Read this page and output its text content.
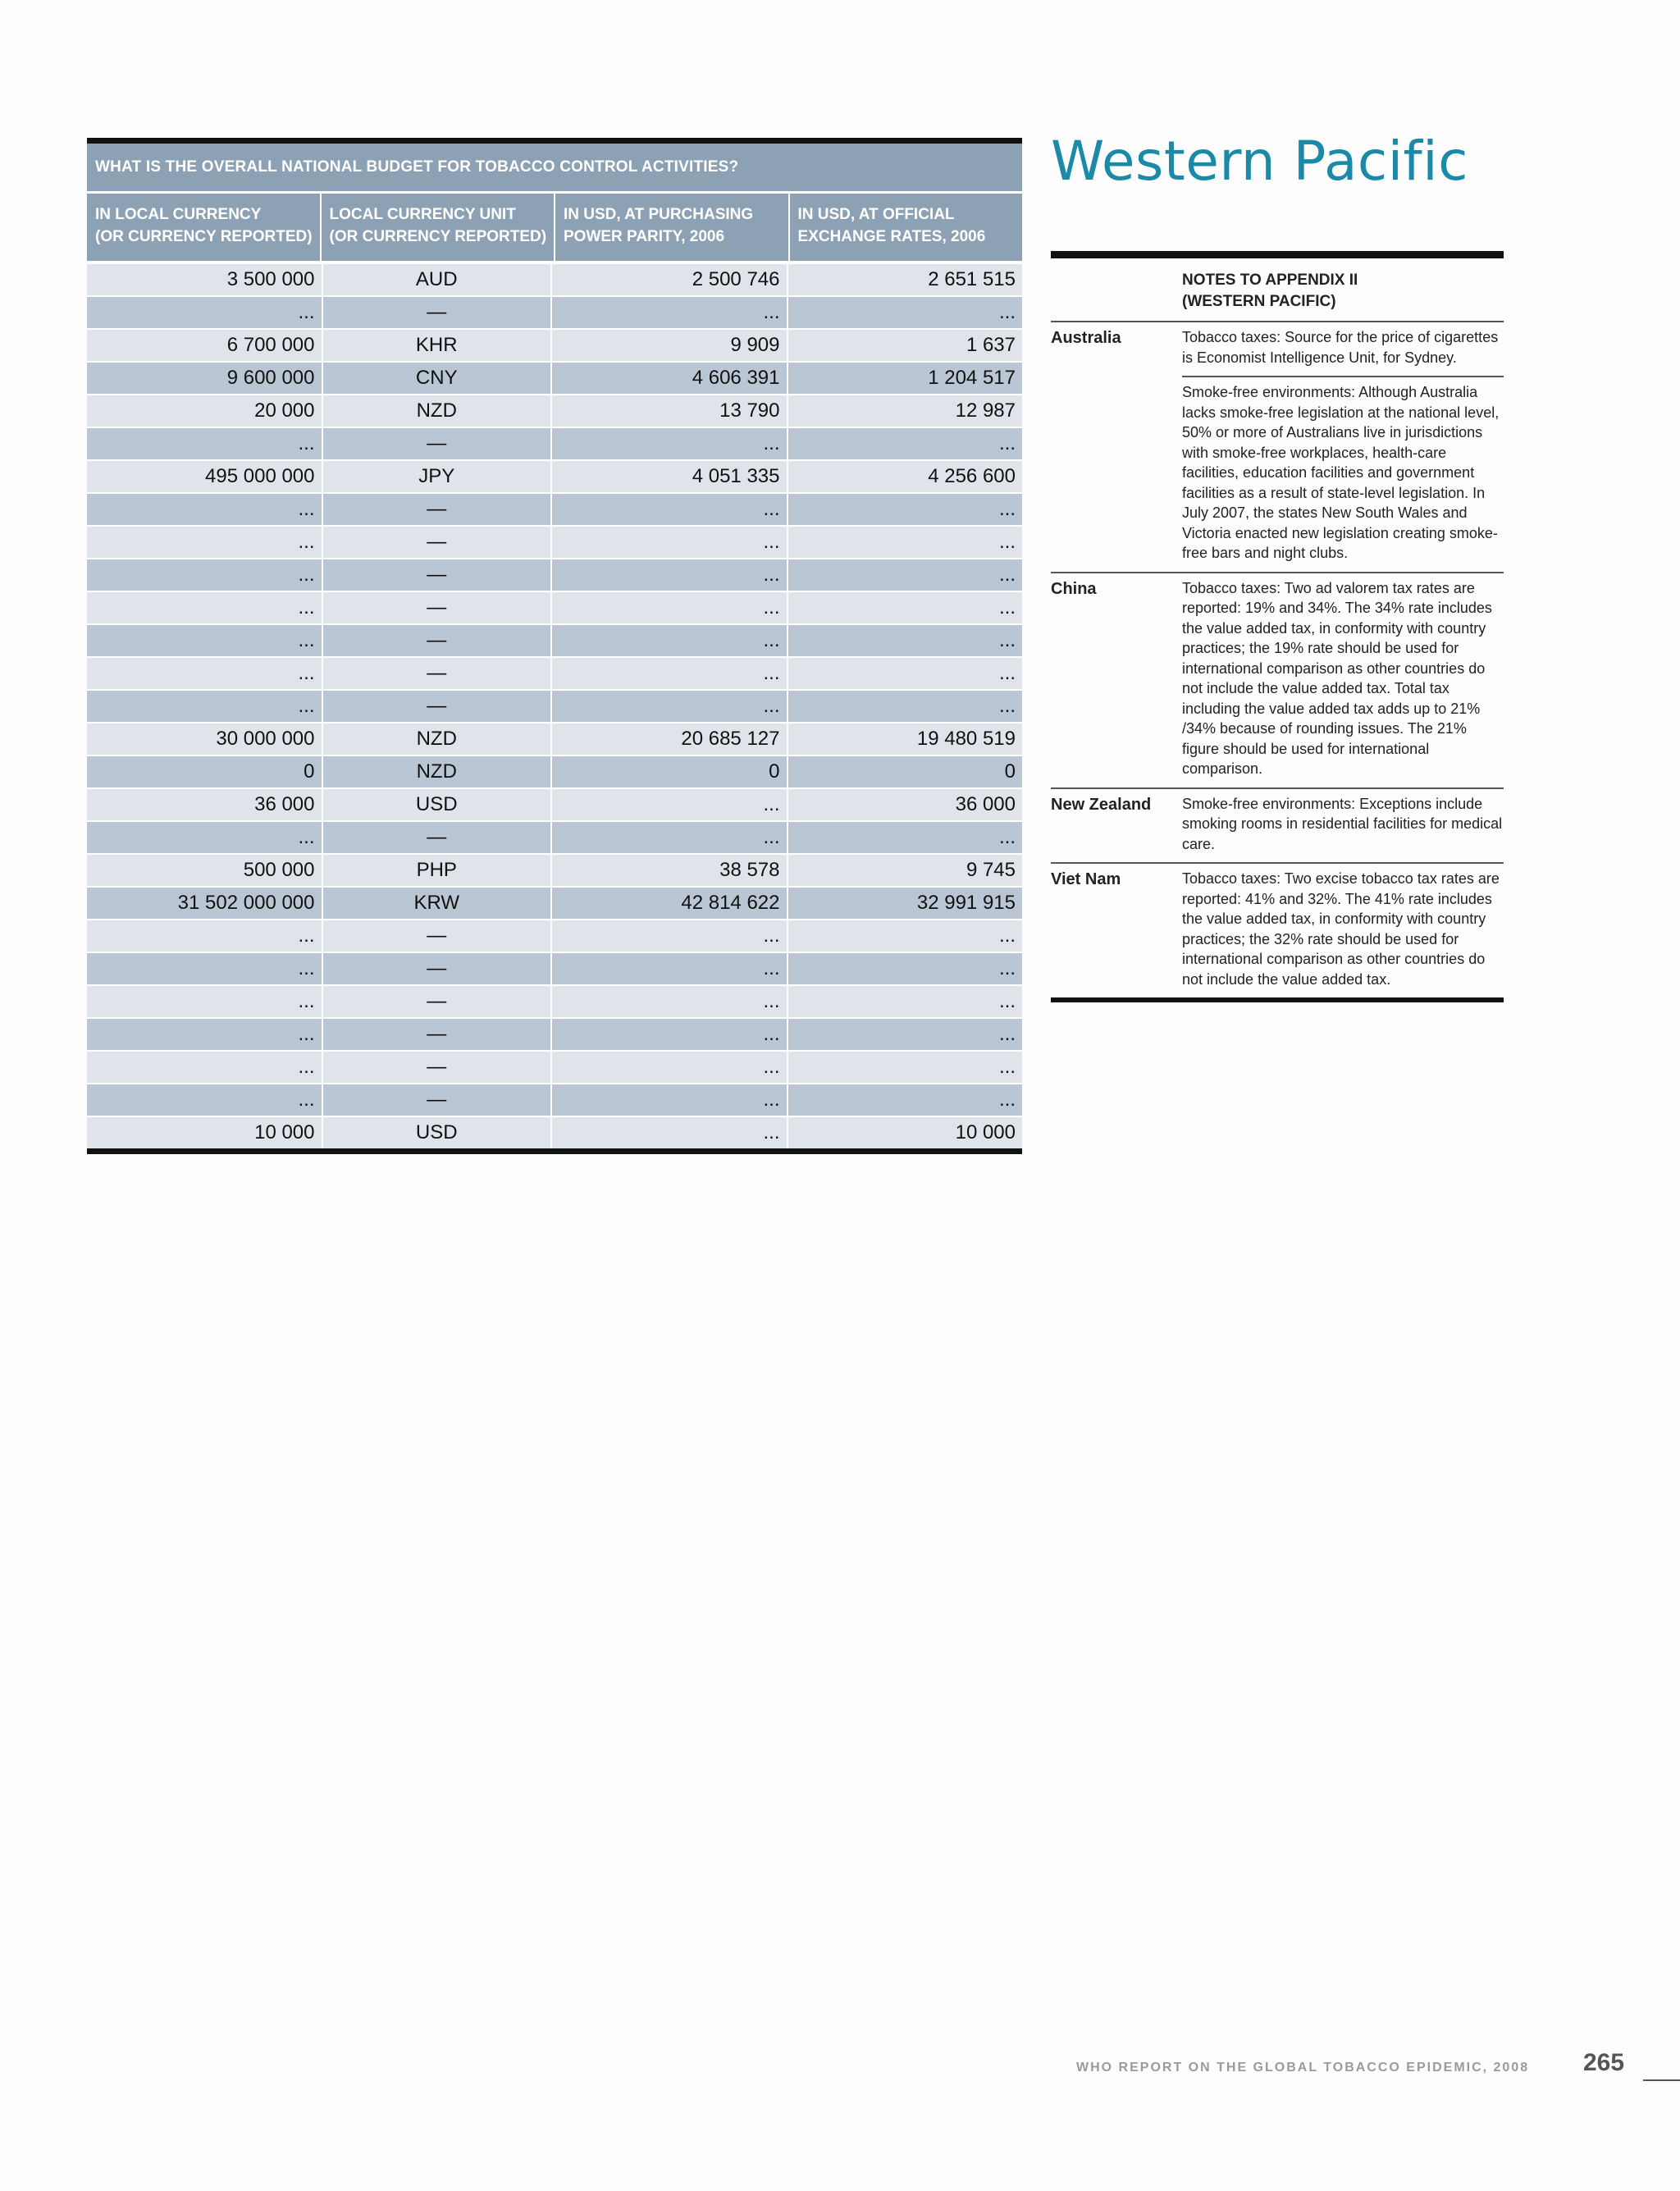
WHAT IS THE OVERALL NATIONAL BUDGET FOR TOBACCO CONTROL ACTIVITIES?
IN LOCAL CURRENCY
(OR CURRENCY REPORTED)
LOCAL CURRENCY UNIT
(OR CURRENCY REPORTED)
IN USD, AT PURCHASING
POWER PARITY, 2006
IN USD, AT OFFICIAL
EXCHANGE RATES, 2006
3 500 000	AUD	2 500 746	2 651 515
...	—	...	...
6 700 000	KHR	9 909	1 637
9 600 000	CNY	4 606 391	1 204 517
20 000	NZD	13 790	12 987
...	—	...	...
495 000 000	JPY	4 051 335	4 256 600
...	—	...	...
...	—	...	...
...	—	...	...
...	—	...	...
...	—	...	...
...	—	...	...
...	—	...	...
30 000 000	NZD	20 685 127	19 480 519
0	NZD	0	0
36 000	USD	...	36 000
...	—	...	...
500 000	PHP	38 578	9 745
31 502 000 000	KRW	42 814 622	32 991 915
...	—	...	...
...	—	...	...
...	—	...	...
...	—	...	...
...	—	...	...
...	—	...	...
10 000	USD	...	10 000
Western Pacific
NOTES TO APPENDIX II
(WESTERN PACIFIC)
Australia	Tobacco taxes: Source for the price of cigarettes is Economist Intelligence Unit, for Sydney.
Smoke-free environments: Although Australia lacks smoke-free legislation at the national level, 50% or more of Australians live in jurisdictions with smoke-free workplaces, health-care facilities, education facilities and government facilities as a result of state-level legislation. In July 2007, the states New South Wales and Victoria enacted new legislation creating smoke-free bars and night clubs.
China	Tobacco taxes: Two ad valorem tax rates are reported: 19% and 34%. The 34% rate includes the value added tax, in conformity with country practices; the 19% rate should be used for international comparison as other countries do not include the value added tax. Total tax including the value added tax adds up to 21% /34% because of rounding issues. The 21% figure should be used for international comparison.
New Zealand	Smoke-free environments: Exceptions include smoking rooms in residential facilities for medical care.
Viet Nam	Tobacco taxes: Two excise tobacco tax rates are reported: 41% and 32%. The 41% rate includes the value added tax, in conformity with country practices; the 32% rate should be used for international comparison as other countries do not include the value added tax.
WHO REPORT ON THE GLOBAL TOBACCO EPIDEMIC, 2008 265
